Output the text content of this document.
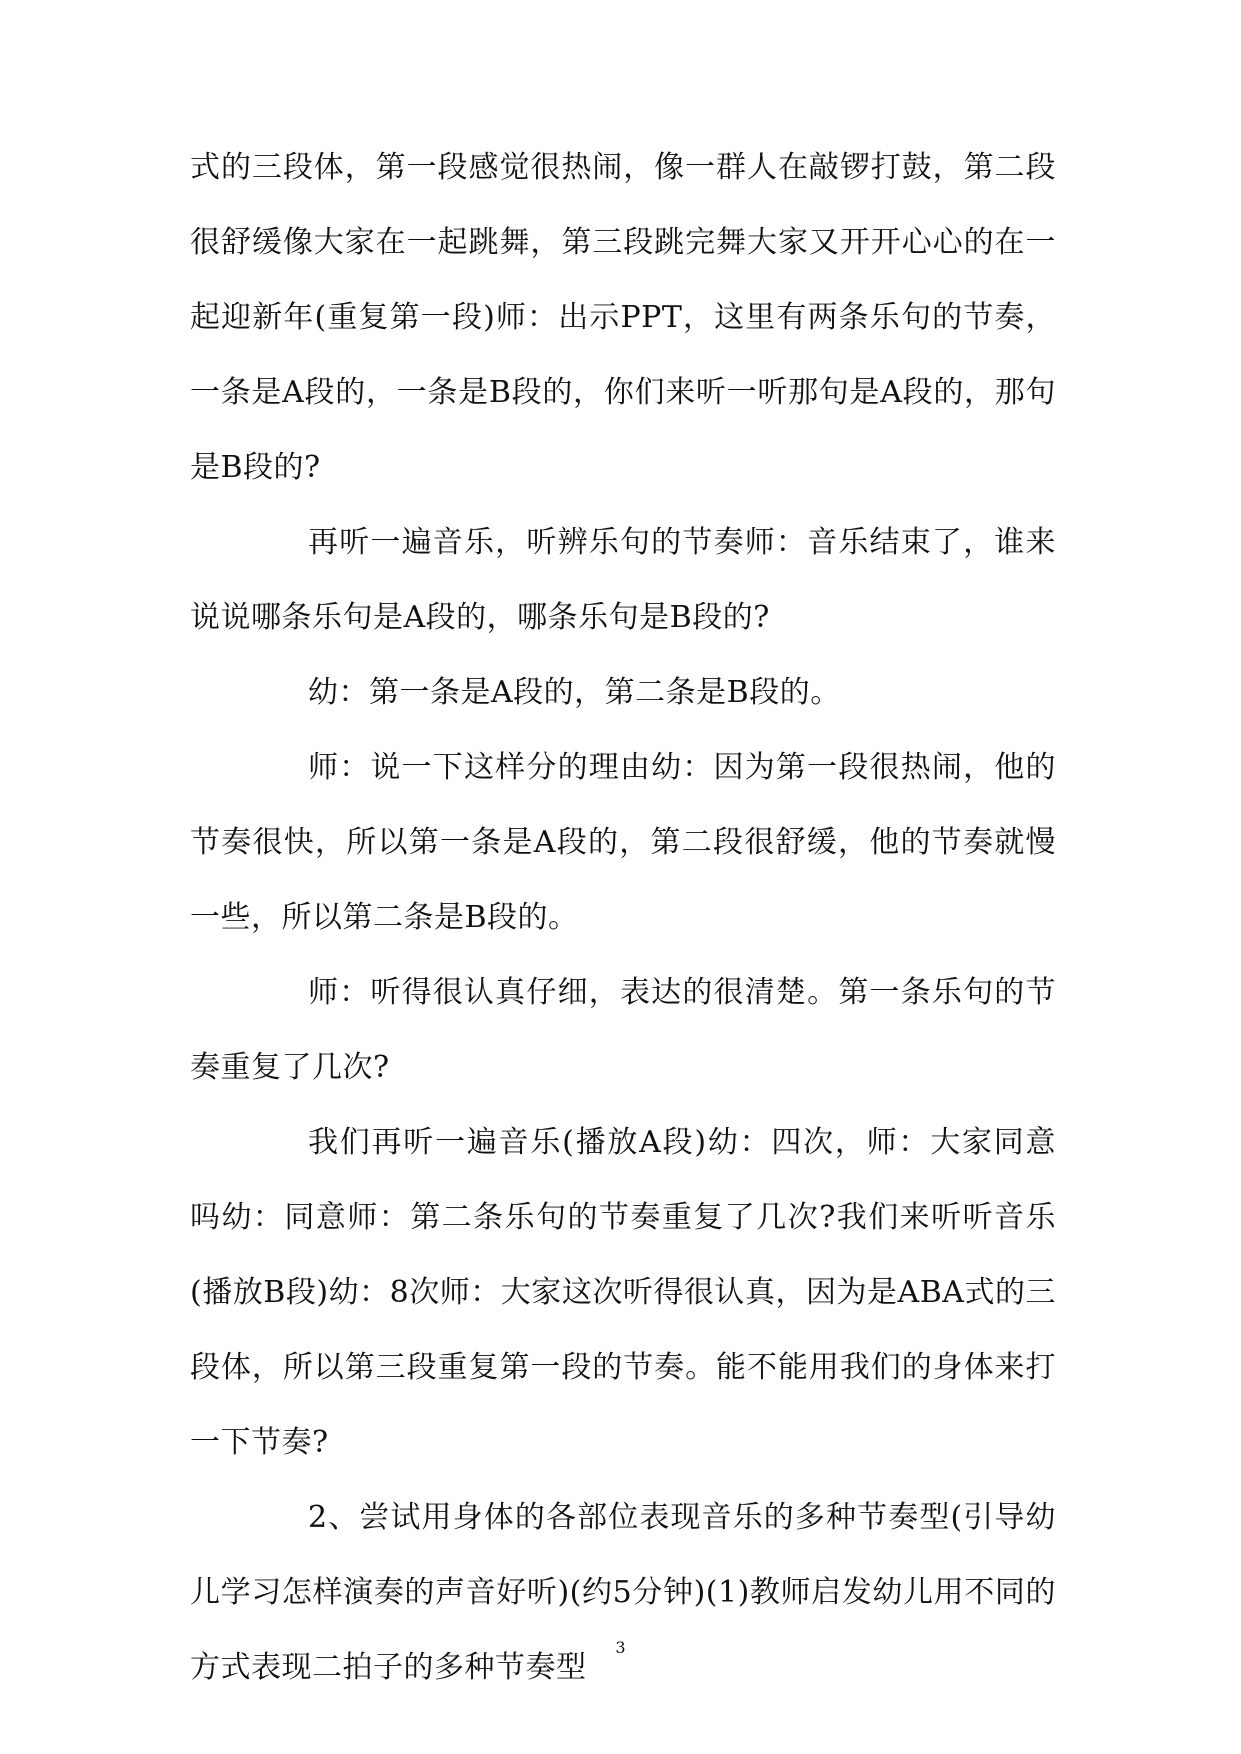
式的三段体，第一段感觉很热闹，像一群人在敲锣打鼓，第二段很舒缓像大家在一起跳舞，第三段跳完舞大家又开开心心的在一起迎新年(重复第一段)师：出示PPT，这里有两条乐句的节奏，一条是A段的，一条是B段的，你们来听一听那句是A段的，那句是B段的?

再听一遍音乐，听辨乐句的节奏师：音乐结束了，谁来说说哪条乐句是A段的，哪条乐句是B段的?

幼：第一条是A段的，第二条是B段的。

师：说一下这样分的理由幼：因为第一段很热闹，他的节奏很快，所以第一条是A段的，第二段很舒缓，他的节奏就慢一些，所以第二条是B段的。

师：听得很认真仔细，表达的很清楚。第一条乐句的节奏重复了几次?

我们再听一遍音乐(播放A段)幼：四次，师：大家同意吗幼：同意师：第二条乐句的节奏重复了几次?我们来听听音乐(播放B段)幼：8次师：大家这次听得很认真，因为是ABA式的三段体，所以第三段重复第一段的节奏。能不能用我们的身体来打一下节奏?

2、尝试用身体的各部位表现音乐的多种节奏型(引导幼儿学习怎样演奏的声音好听)(约5分钟)(1)教师启发幼儿用不同的方式表现二拍子的多种节奏型

3
